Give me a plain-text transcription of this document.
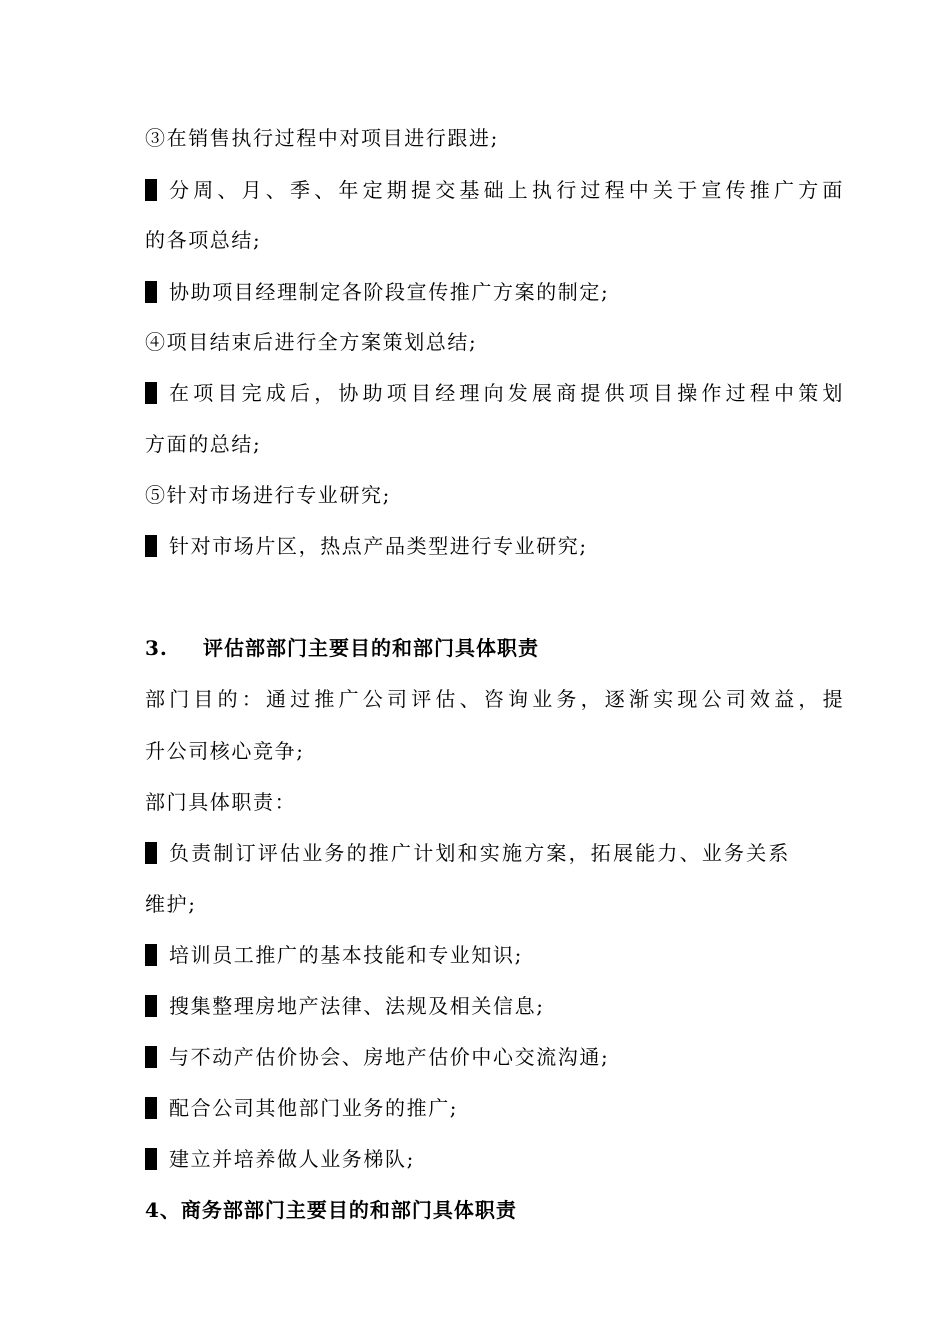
③在销售执行过程中对项目进行跟进;
分周、月、季、年定期提交基础上执行过程中关于宣传推广方面
的各项总结;
协助项目经理制定各阶段宣传推广方案的制定;
④项目结束后进行全方案策划总结;
在项目完成后，协助项目经理向发展商提供项目操作过程中策划
方面的总结;
⑤针对市场进行专业研究;
针对市场片区，热点产品类型进行专业研究;
3. 评估部部门主要目的和部门具体职责
部门目的：通过推广公司评估、咨询业务，逐渐实现公司效益，提
升公司核心竞争;
部门具体职责：
负责制订评估业务的推广计划和实施方案，拓展能力、业务关系
维护;
培训员工推广的基本技能和专业知识;
搜集整理房地产法律、法规及相关信息;
与不动产估价协会、房地产估价中心交流沟通;
配合公司其他部门业务的推广;
建立并培养做人业务梯队;
4、商务部部门主要目的和部门具体职责
